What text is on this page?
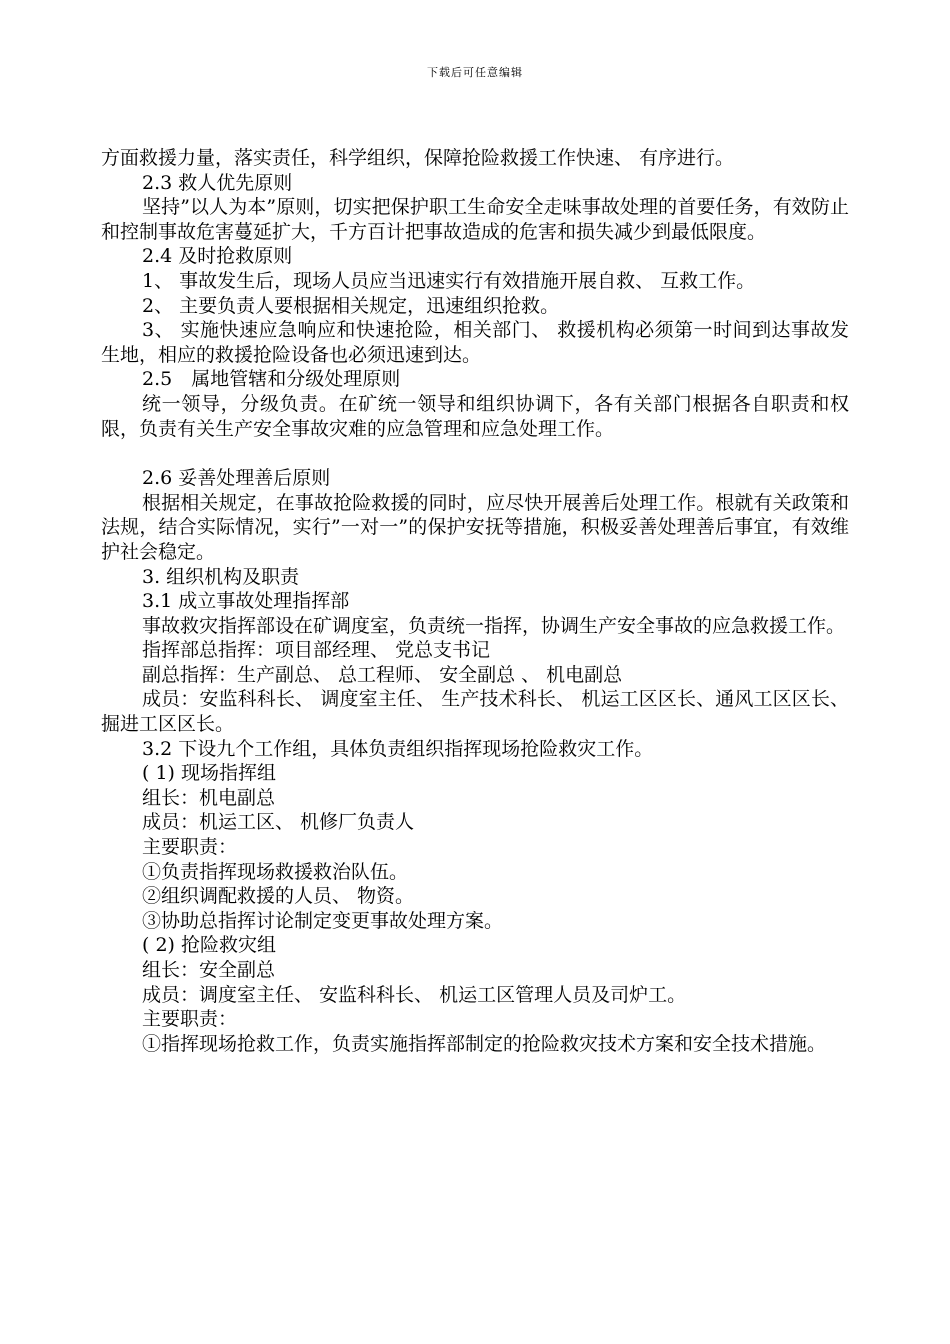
下载后可任意编辑

方面救援力量，落实责任，科学组织，保障抢险救援工作快速、 有序进行。

2.3 救人优先原则

坚持”以人为本”原则，切实把保护职工生命安全走味事故处理的首要任务，有效防止和控制事故危害蔓延扩大，千方百计把事故造成的危害和损失减少到最低限度。

2.4 及时抢救原则

1、 事故发生后，现场人员应当迅速实行有效措施开展自救、 互救工作。

2、 主要负责人要根据相关规定，迅速组织抢救。

3、 实施快速应急响应和快速抢险，相关部门、 救援机构必须第一时间到达事故发生地，相应的救援抢险设备也必须迅速到达。

2.5　属地管辖和分级处理原则

统一领导，分级负责。在矿统一领导和组织协调下，各有关部门根据各自职责和权限，负责有关生产安全事故灾难的应急管理和应急处理工作。

2.6 妥善处理善后原则

根据相关规定，在事故抢险救援的同时，应尽快开展善后处理工作。根就有关政策和法规，结合实际情况，实行”一对一”的保护安抚等措施，积极妥善处理善后事宜，有效维护社会稳定。

3. 组织机构及职责

3.1 成立事故处理指挥部

事故救灾指挥部设在矿调度室，负责统一指挥，协调生产安全事故的应急救援工作。

指挥部总指挥：项目部经理、 党总支书记

副总指挥：生产副总、 总工程师、 安全副总 、 机电副总

成员：安监科科长、 调度室主任、 生产技术科长、 机运工区区长、通风工区区长、 掘进工区区长。

3.2 下设九个工作组，具体负责组织指挥现场抢险救灾工作。

( 1) 现场指挥组

组长：机电副总

成员：机运工区、 机修厂负责人

主要职责：

①负责指挥现场救援救治队伍。

②组织调配救援的人员、 物资。

③协助总指挥讨论制定变更事故处理方案。

( 2) 抢险救灾组

组长：安全副总

成员：调度室主任、 安监科科长、 机运工区管理人员及司炉工。

主要职责：

①指挥现场抢救工作，负责实施指挥部制定的抢险救灾技术方案和安全技术措施。
